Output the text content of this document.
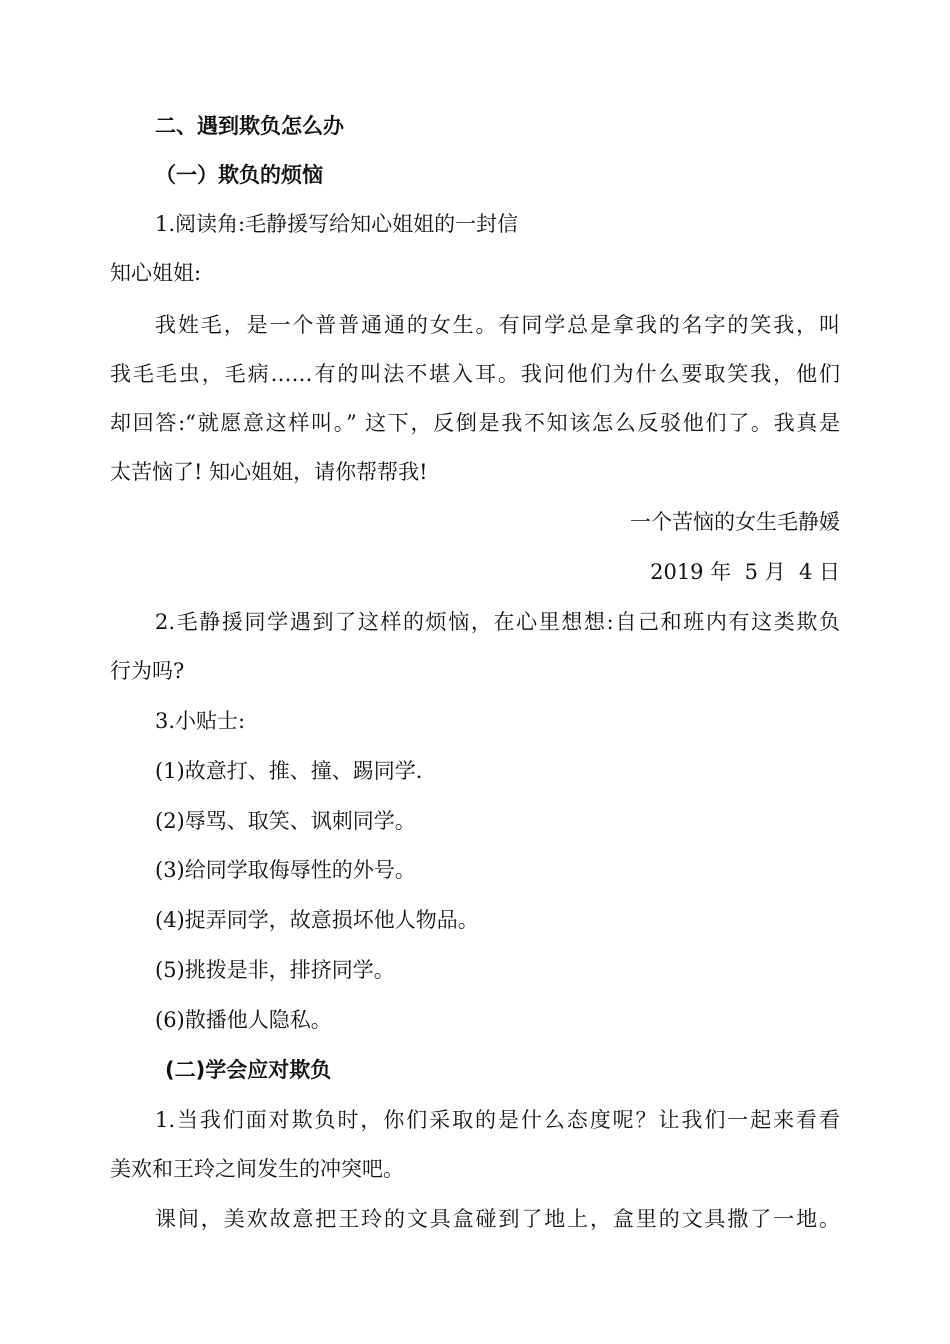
二、遇到欺负怎么办
（一）欺负的烦恼
1.阅读角:毛静援写给知心姐姐的一封信
知心姐姐:
我姓毛，是一个普普通通的女生。有同学总是拿我的名字的笑我，叫
我毛毛虫，毛病……有的叫法不堪入耳。我问他们为什么要取笑我，他们
却回答:“就愿意这样叫。” 这下，反倒是我不知该怎么反驳他们了。我真是
太苦恼了! 知心姐姐，请你帮帮我!
一个苦恼的女生毛静媛
2019 年  5 月  4 日
2.毛静援同学遇到了这样的烦恼，在心里想想:自己和班内有这类欺负
行为吗?
3.小贴士:
(1)故意打、推、撞、踢同学.
(2)辱骂、取笑、讽刺同学。
(3)给同学取侮辱性的外号。
(4)捉弄同学，故意损坏他人物品。
(5)挑拨是非，排挤同学。
(6)散播他人隐私。
(二)学会应对欺负
1.当我们面对欺负时，你们采取的是什么态度呢？让我们一起来看看
美欢和王玲之间发生的冲突吧。
课间，美欢故意把王玲的文具盒碰到了地上，盒里的文具撒了一地。
